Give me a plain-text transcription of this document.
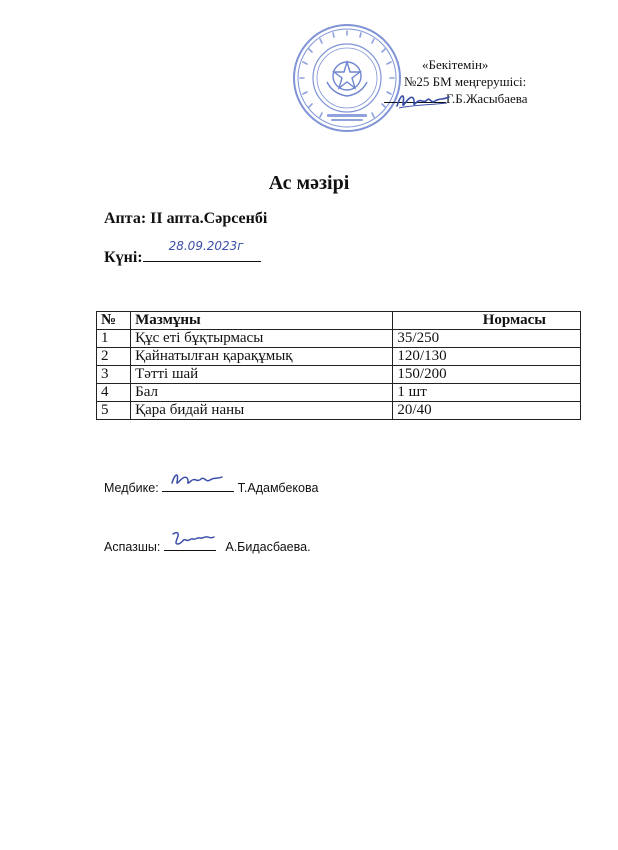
«Бекітемін»
№25 БМ меңгерушісі:
Г.Б.Жасыбаева
Ас мәзірі
Апта: ІІ апта.Сәрсенбі
Күні:
28.09.2023г
№	Мазмұны	Нормасы
1	Құс еті бұқтырмасы	35/250
2	Қайнатылған қарақұмық	120/130
3	Тәтті шай	150/200
4	Бал	1 шт
5	Қара бидай наны	20/40
Медбике:	Т.Адамбекова
Аспазшы:	А.Бидасбаева.
